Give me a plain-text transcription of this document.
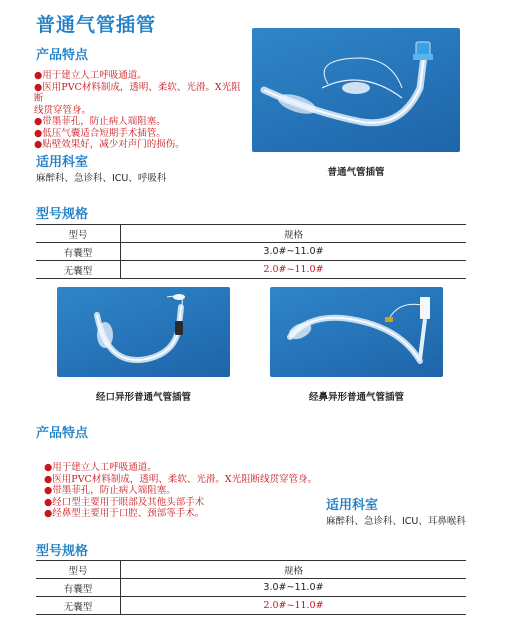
普通气管插管
产品特点
●用于建立人工呼吸通道。
●医用PVC材料制成，透明、柔软、光滑。X光阻断
线贯穿管身。
●带墨菲孔，防止病人端阻塞。
●低压气囊适合短期手术插管。
●贴壁效果好，减少对声门的损伤。
普通气管插管
适用科室
麻醉科、急诊科、ICU、呼吸科
型号规格
型号	规格
有囊型	3.0#~11.0#
无囊型	2.0#~11.0#
经口异形普通气管插管	经鼻异形普通气管插管
产品特点
●用于建立人工呼吸通道。
●医用PVC材料制成，透明、柔软、光滑。X光阻断线贯穿管身。
●带墨菲孔，防止病人端阻塞。
●经口型主要用于眼部及其他头部手术
●经鼻型主要用于口腔、颈部等手术。
适用科室
麻醉科、急诊科、ICU、耳鼻喉科
型号规格
型号	规格
有囊型	3.0#~11.0#
无囊型	2.0#~11.0#
